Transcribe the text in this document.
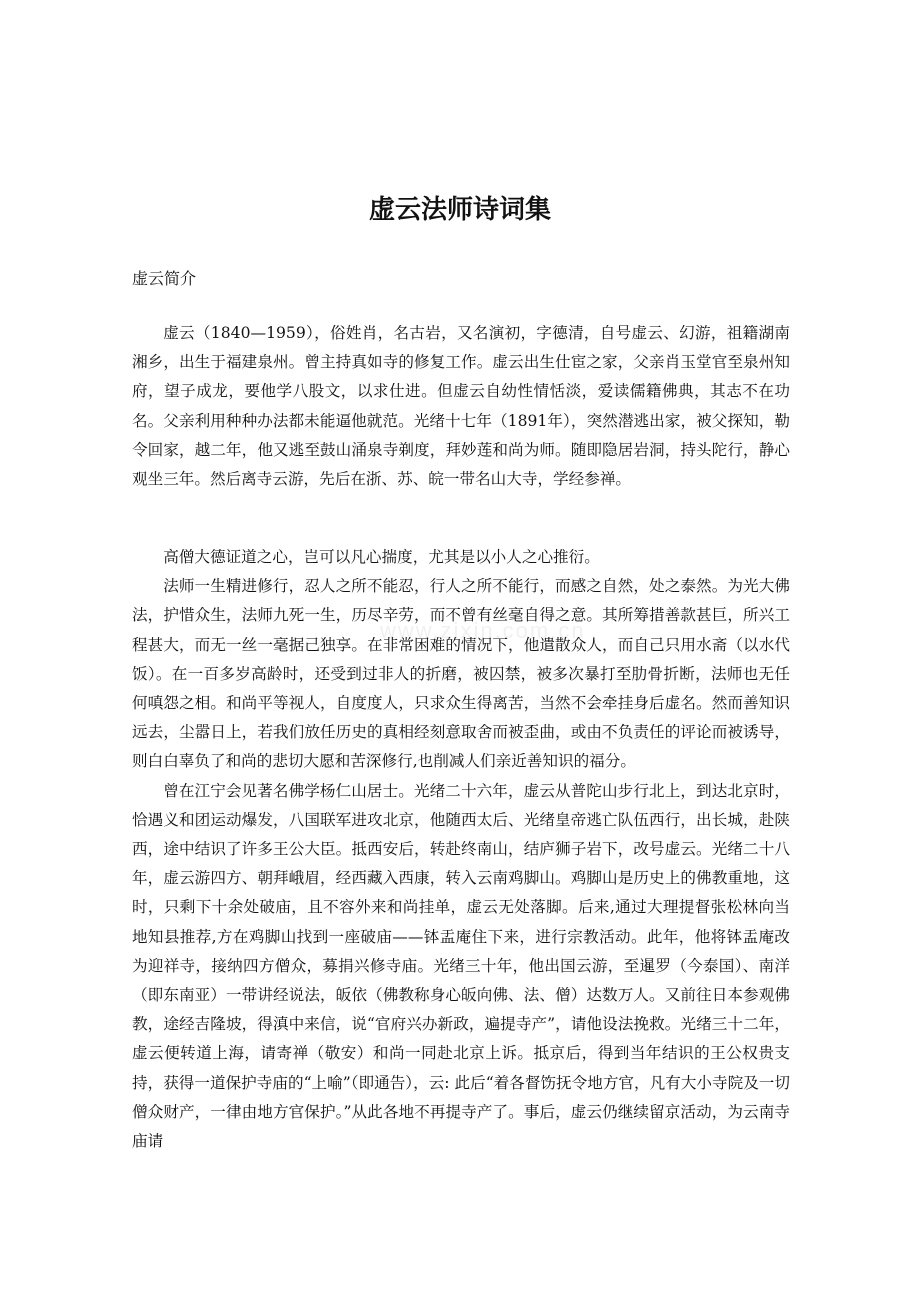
虚云法师诗词集

虚云简介

虚云（1840—1959），俗姓肖，名古岩，又名演初，字德清，自号虚云、幻游，祖籍湖南湘乡，出生于福建泉州。曾主持真如寺的修复工作。虚云出生仕宦之家，父亲肖玉堂官至泉州知府，望子成龙，要他学八股文，以求仕进。但虚云自幼性情恬淡，爱读儒籍佛典，其志不在功名。父亲利用种种办法都未能逼他就范。光绪十七年（1891年），突然潜逃出家，被父探知，勒令回家，越二年，他又逃至鼓山涌泉寺剃度，拜妙莲和尚为师。随即隐居岩洞，持头陀行，静心观坐三年。然后离寺云游，先后在浙、苏、皖一带名山大寺，学经参禅。

高僧大德证道之心，岂可以凡心揣度，尤其是以小人之心推衍。

法师一生精进修行，忍人之所不能忍，行人之所不能行，而感之自然，处之泰然。为光大佛法，护惜众生，法师九死一生，历尽辛劳，而不曾有丝毫自得之意。其所筹措善款甚巨，所兴工程甚大，而无一丝一毫据己独享。在非常困难的情况下，他遣散众人，而自己只用水斋（以水代饭）。在一百多岁高龄时，还受到过非人的折磨，被囚禁，被多次暴打至肋骨折断，法师也无任何嗔怨之相。和尚平等视人，自度度人，只求众生得离苦，当然不会牵挂身后虚名。然而善知识远去，尘嚣日上，若我们放任历史的真相经刻意取舍而被歪曲，或由不负责任的评论而被诱导，则白白辜负了和尚的悲切大愿和苦深修行,也削减人们亲近善知识的福分。

曾在江宁会见著名佛学杨仁山居士。光绪二十六年，虚云从普陀山步行北上，到达北京时，恰遇义和团运动爆发，八国联军进攻北京，他随西太后、光绪皇帝逃亡队伍西行，出长城，赴陕西，途中结识了许多王公大臣。抵西安后，转赴终南山，结庐狮子岩下，改号虚云。光绪二十八年，虚云游四方、朝拜峨眉，经西藏入西康，转入云南鸡脚山。鸡脚山是历史上的佛教重地，这时，只剩下十余处破庙，且不容外来和尚挂单，虚云无处落脚。后来,通过大理提督张松林向当地知县推荐,方在鸡脚山找到一座破庙——钵盂庵住下来，进行宗教活动。此年，他将钵盂庵改为迎祥寺，接纳四方僧众，募捐兴修寺庙。光绪三十年，他出国云游，至暹罗（今泰国）、南洋（即东南亚）一带讲经说法，皈依（佛教称身心皈向佛、法、僧）达数万人。又前往日本参观佛教，途经吉隆坡，得滇中来信，说“官府兴办新政，遍提寺产”，请他设法挽救。光绪三十二年，虚云便转道上海，请寄禅（敬安）和尚一同赴北京上诉。抵京后，得到当年结识的王公权贵支持，获得一道保护寺庙的“上喻”（即通告），云: 此后“着各督饬抚令地方官，凡有大小寺院及一切僧众财产，一律由地方官保护。”从此各地不再提寺产了。事后，虚云仍继续留京活动，为云南寺庙请

www.zixin.com.cn
